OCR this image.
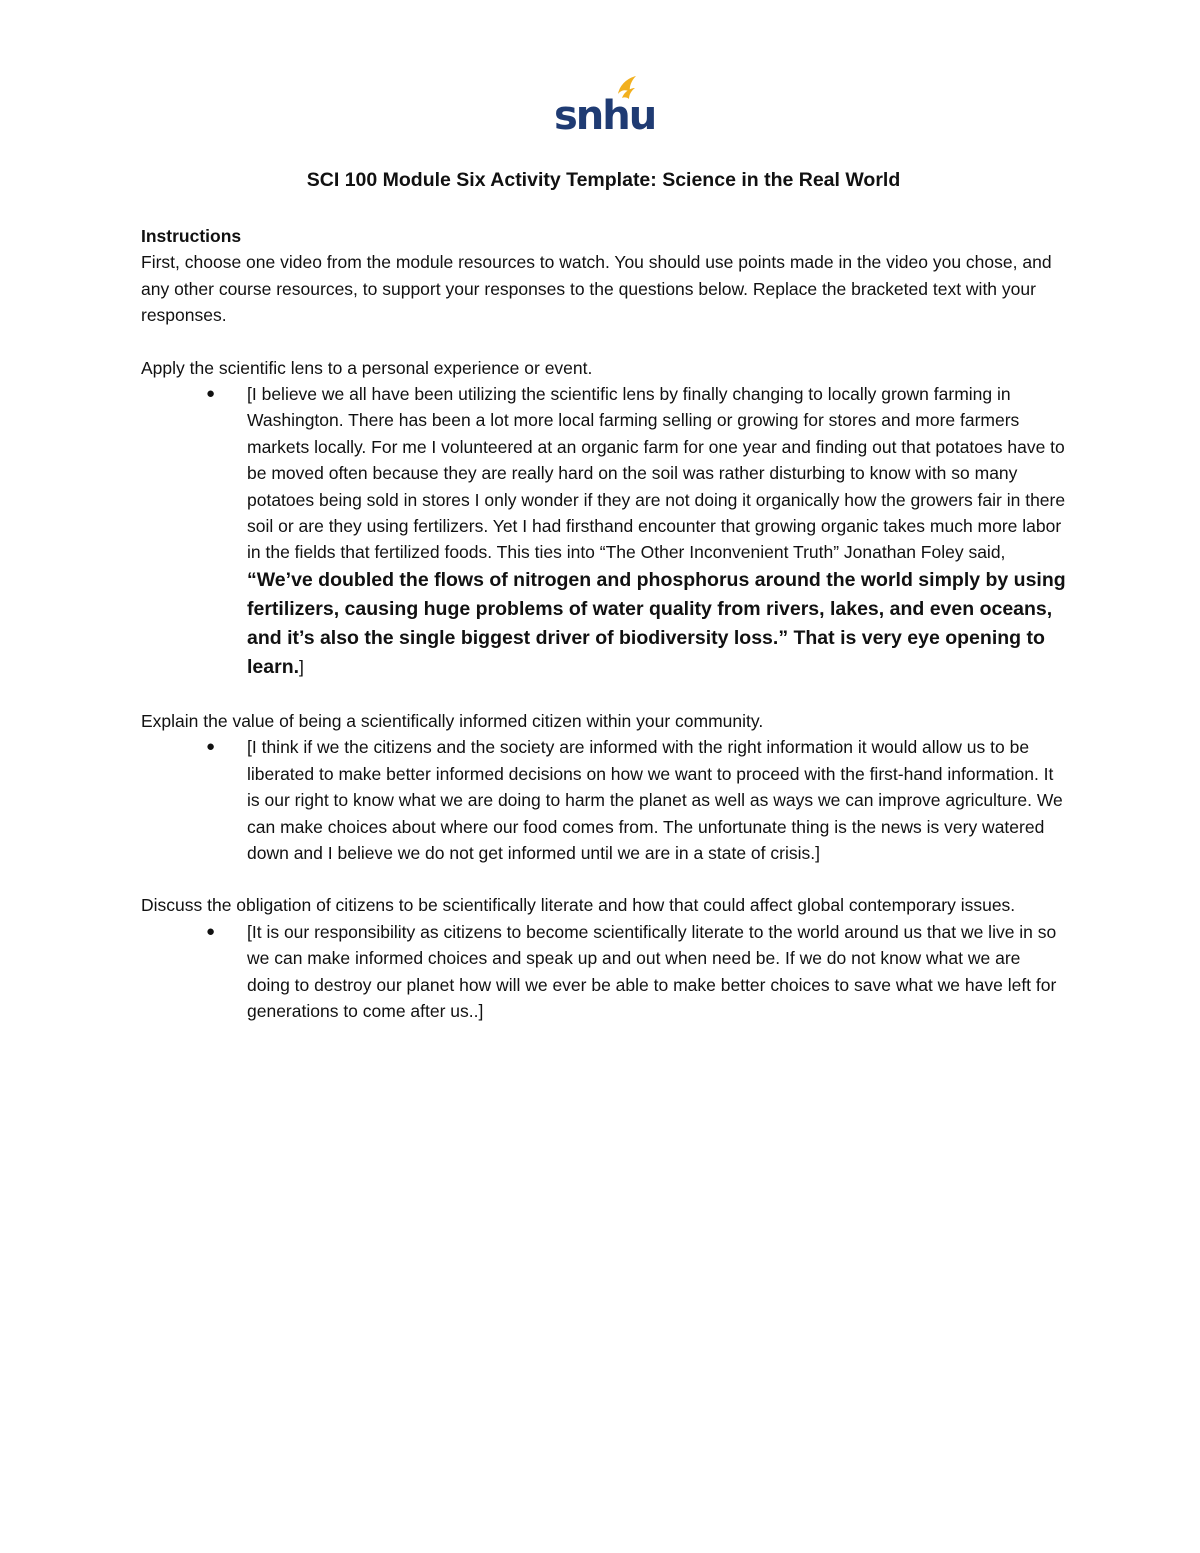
snhu
SCI 100 Module Six Activity Template: Science in the Real World
Instructions

First, choose one video from the module resources to watch. You should use points made in the video you chose, and any other course resources, to support your responses to the questions below. Replace the bracketed text with your responses.

Apply the scientific lens to a personal experience or event.

●	[I believe we all have been utilizing the scientific lens by finally changing to locally grown farming in Washington. There has been a lot more local farming selling or growing for stores and more farmers markets locally. For me I volunteered at an organic farm for one year and finding out that potatoes have to be moved often because they are really hard on the soil was rather disturbing to know with so many potatoes being sold in stores I only wonder if they are not doing it organically how the growers fair in there soil or are they using fertilizers. Yet I had firsthand encounter that growing organic takes much more labor in the fields that fertilized foods. This ties into “The Other Inconvenient Truth” Jonathan Foley said, “We’ve doubled the flows of nitrogen and phosphorus around the world simply by using fertilizers, causing huge problems of water quality from rivers, lakes, and even oceans, and it’s also the single biggest driver of biodiversity loss.” That is very eye opening to learn.]

Explain the value of being a scientifically informed citizen within your community.

●	[I think if we the citizens and the society are informed with the right information it would allow us to be liberated to make better informed decisions on how we want to proceed with the first-hand information. It is our right to know what we are doing to harm the planet as well as ways we can improve agriculture. We can make choices about where our food comes from. The unfortunate thing is the news is very watered down and I believe we do not get informed until we are in a state of crisis.]

Discuss the obligation of citizens to be scientifically literate and how that could affect global contemporary issues.

●	[It is our responsibility as citizens to become scientifically literate to the world around us that we live in so we can make informed choices and speak up and out when need be. If we do not know what we are doing to destroy our planet how will we ever be able to make better choices to save what we have left for generations to come after us..]
